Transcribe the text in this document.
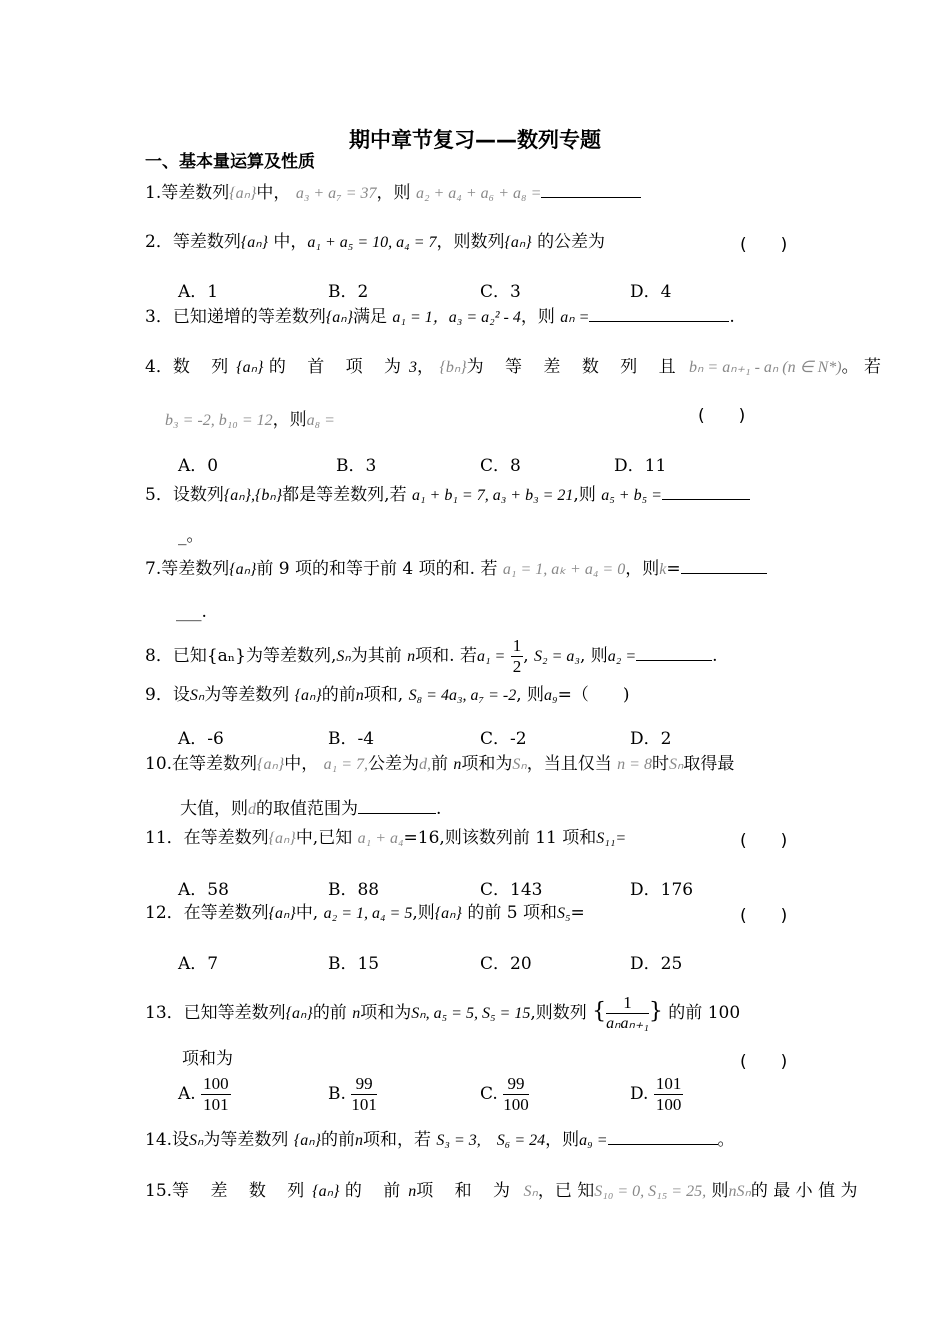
期中章节复习——数列专题
一、基本量运算及性质
1.等差数列{aₙ}中， a₃ + a₇ = 37，则 a₂ + a₄ + a₆ + a₈ =
2．等差数列{aₙ} 中，a₁ + a₅ = 10, a₄ = 7，则数列{aₙ} 的公差为	(　　)
A．1	B．2	C．3	D．4
3．已知递增的等差数列{aₙ}满足 a₁ = 1，a₃ = a₂² - 4，则 aₙ =	.
4．数 列{aₙ} 的 首 项 为3， {bₙ}为 等 差 数 列 且 bₙ = aₙ₊₁ - aₙ (n ∈ N*)。 若
b₃ = -2, b₁₀ = 12，则a₈ =	(　　)
A．0	B．3	C．8	D．11
5．设数列{aₙ},{bₙ}都是等差数列,若 a₁ + b₁ = 7, a₃ + b₃ = 21,则 a₅ + b₅ =
_。
7.等差数列{aₙ}前 9 项的和等于前 4 项的和. 若 a₁ = 1, aₖ + a₄ = 0，则k=
___.
8．已知{aₙ}为等差数列,Sₙ为其前 n项和. 若$a_1 = \frac{1}{2}$ , S₂ = a₃, 则a₂ =	.
9．设Sₙ为等差数列 {aₙ}的前n项和, S₈ = 4a₃, a₇ = -2, 则a₉=（　　)
A．-6	B．-4	C．-2	D．2
10.在等差数列{aₙ}中， a₁ = 7,公差为d,前 n项和为Sₙ，当且仅当 n = 8时Sₙ取得最
大值，则d的取值范围为	.
11．在等差数列{aₙ}中,已知 a₁ + a₄=16,则该数列前 11 项和S₁₁=	(　　)
A．58	B．88	C．143	D．176
12．在等差数列{aₙ}中, a₂ = 1, a₄ = 5,则{aₙ} 的前 5 项和S₅=	(　　)
A．7	B．15	C．20	D．25
13．已知等差数列{aₙ}的前 n项和为Sₙ, a₅ = 5, S₅ = 15,则数列 { $\frac{1}{\text{aₙaₙ₊₁}}$ } 的前 100
项和为	(　　)
A. $\frac{100}{101}$	B. $\frac{99}{101}$	C. $\frac{99}{100}$	D. $\frac{101}{100}$
14.设Sₙ为等差数列 {aₙ}的前n项和，若 S₃ = 3,　S₆ = 24，则a₉ =	。
15.等 差 数 列{aₙ} 的 前n项 和 为 Sₙ，已 知S₁₀ = 0, S₁₅ = 25, 则nSₙ的 最 小 值 为
